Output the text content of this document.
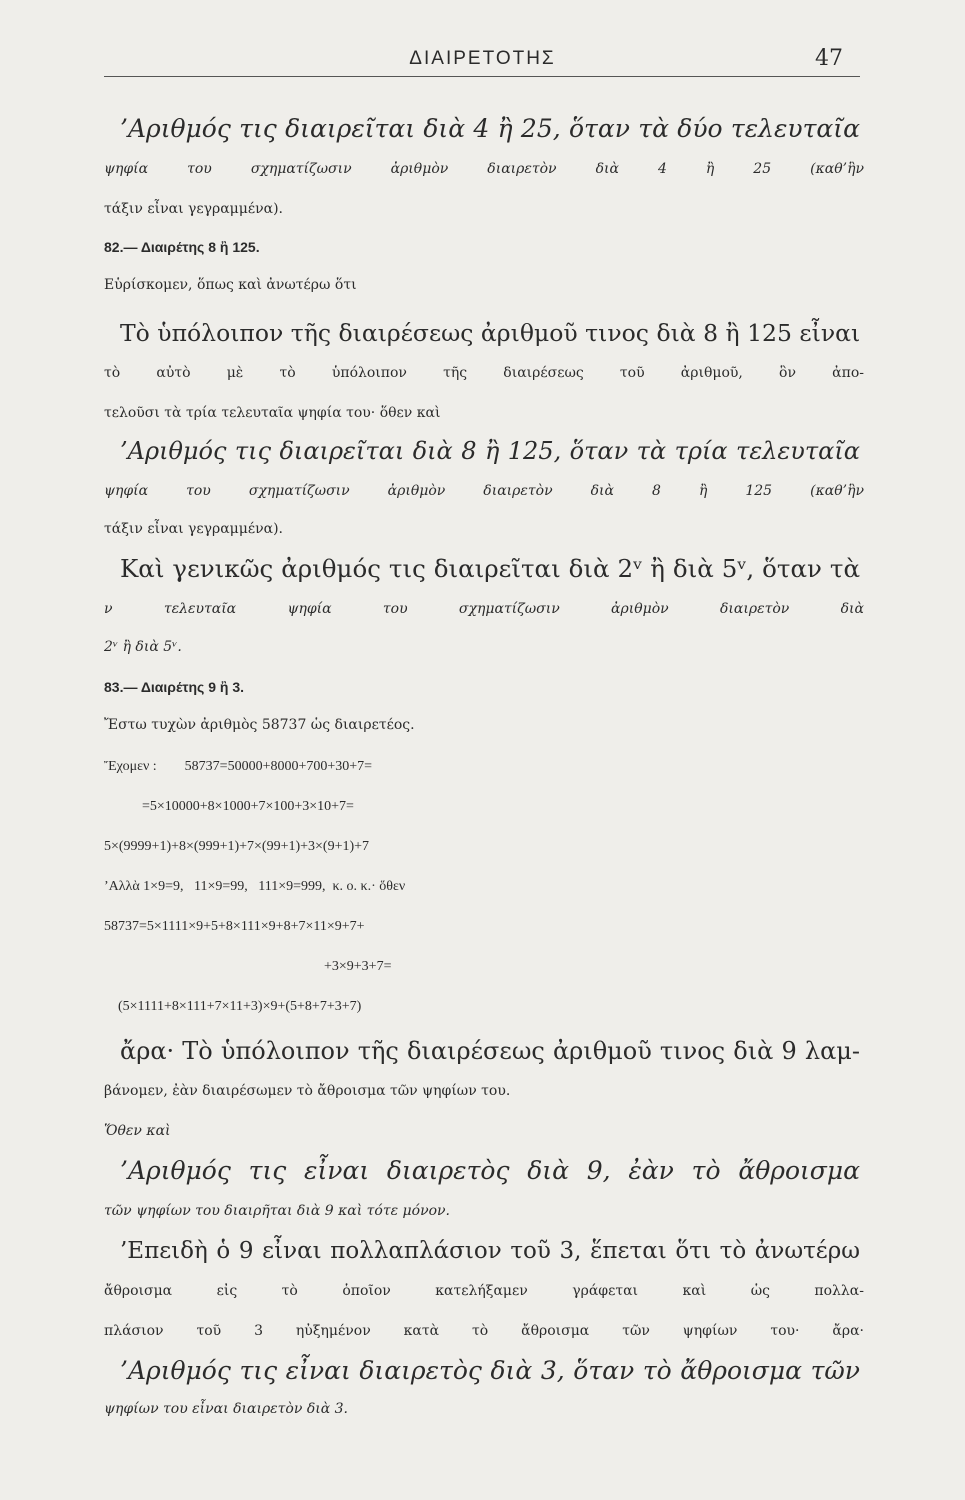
ΔΙΑΙΡΕΤΟΤΗΣ	47
’Αριθμός τις διαιρεῖται διὰ 4 ἢ 25, ὅταν τὰ δύο τελευταῖα
ψηφία του σχηματίζωσιν ἀριθμὸν διαιρετὸν διὰ 4 ἢ 25 (καθ’ἣν
τάξιν εἶναι γεγραμμένα).
82.— Διαιρέτης 8 ἢ 125.
Εὑρίσκομεν, ὅπως καὶ ἀνωτέρω ὅτι
Τὸ ὑπόλοιπον τῆς διαιρέσεως ἀριθμοῦ τινος διὰ 8 ἢ 125 εἶναι
τὸ αὐτὸ μὲ τὸ ὑπόλοιπον τῆς διαιρέσεως τοῦ ἀριθμοῦ, ὃν ἀπο-
τελοῦσι τὰ τρία τελευταῖα ψηφία του· ὅθεν καὶ
’Αριθμός τις διαιρεῖται διὰ 8 ἢ 125, ὅταν τὰ τρία τελευταῖα
ψηφία του σχηματίζωσιν ἀριθμὸν διαιρετὸν διὰ 8 ἢ 125 (καθ’ἣν
τάξιν εἶναι γεγραμμένα).
Καὶ γενικῶς ἀριθμός τις διαιρεῖται διὰ 2ᵛ ἢ διὰ 5ᵛ, ὅταν τὰ
ν τελευταῖα ψηφία του σχηματίζωσιν ἀριθμὸν διαιρετὸν διὰ
2ᵛ ἢ διὰ 5ᵛ.
83.— Διαιρέτης 9 ἢ 3.
Ἔστω τυχὼν ἀριθμὸς 58737 ὡς διαιρετέος.
Ἔχομεν :        58737=50000+8000+700+30+7=
=5×10000+8×1000+7×100+3×10+7=
5×(9999+1)+8×(999+1)+7×(99+1)+3×(9+1)+7
’Αλλὰ 1×9=9,   11×9=99,   111×9=999,  κ. ο. κ.· ὅθεν
58737=5×1111×9+5+8×111×9+8+7×11×9+7+
+3×9+3+7=
(5×1111+8×111+7×11+3)×9+(5+8+7+3+7)
ἄρα· Τὸ ὑπόλοιπον τῆς διαιρέσεως ἀριθμοῦ τινος διὰ 9 λαμ-
βάνομεν, ἐὰν διαιρέσωμεν τὸ ἄθροισμα τῶν ψηφίων του.
Ὅθεν καὶ
’Αριθμός τις εἶναι διαιρετὸς διὰ 9, ἐὰν τὸ ἄθροισμα
τῶν ψηφίων του διαιρῆται διὰ 9 καὶ τότε μόνον.
’Επειδὴ ὁ 9 εἶναι πολλαπλάσιον τοῦ 3, ἕπεται ὅτι τὸ ἀνωτέρω
ἄθροισμα εἰς τὸ ὁποῖον κατελήξαμεν γράφεται καὶ ὡς πολλα-
πλάσιον τοῦ 3 ηὐξημένον κατὰ τὸ ἄθροισμα τῶν ψηφίων του· ἄρα·
’Αριθμός τις εἶναι διαιρετὸς διὰ 3, ὅταν τὸ ἄθροισμα τῶν
ψηφίων του εἶναι διαιρετὸν διὰ 3.
